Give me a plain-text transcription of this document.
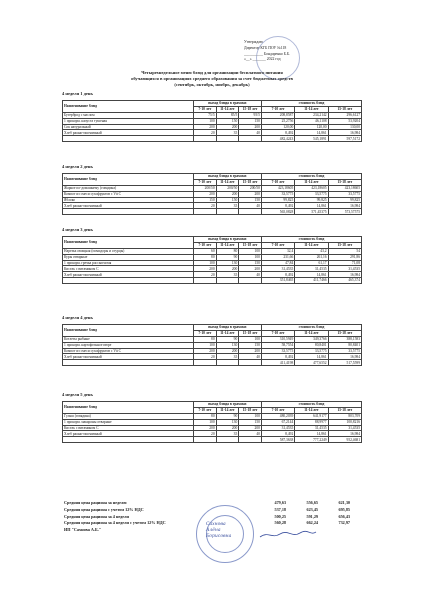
Утверждаю
Директор КГБ ПОУ №118
__________ Бондаренко Б.Б.
«__» _______ 2022 год
Четырехнедельное меню блюд для организации бесплатного питания
обучающихся в организациях среднего образования за счет бюджетных средств
(сентябрь, октябрь, ноябрь, декабрь)
4 неделя 1 день
Наименование блюд	выход блюда в граммах			стоимость блюд		
	7-10 лет	11-14 лет	15-18 лет	7-10 лет	11-14 лет	15-18 лет
Бутерброд с маслом	75/5	85/5	95/5	208,8587	234,2142	296,6127
1 прокорм. капуста тушеная	100	150	150	25,2756	46,1108	53,9204
Сок натуральный	200	200	200	120,00	120,00	130,00
Хлеб ржано-пшеничный	20	35	40	8,492	14,861	16,984
				482,4243	545,1891	597,5172
4 неделя 2 день
Наименование блюд	выход блюда в граммах			стоимость блюд		
	7-10 лет	11-14 лет	15-18 лет	7-10 лет	11-14 лет	15-18 лет
Жаркое по-домашнему (говядина)	200/50	200/50	200/50	423,18605	423,18605	423,18605
Компот из смеси сухофруктов с Vit C	200	200	200	33,5775	33,5775	33,5775
Яблоко	150	150	150	99,825	99,825	99,825
Хлеб ржано-пшеничный	20	35	40	8,492	14,861	16,984
				565,0828	571,45375	573,57575
4 неделя 3 день
Наименование блюд	выход блюда в граммах			стоимость блюд		
	7-10 лет	11-14 лет	15-18 лет	7-10 лет	11-14 лет	15-18 лет
Нарезка овощная (помидоры и огурцы)	60	80	100	32,4	43,2	54
Куры отварные	80	90	100	231,66	261,16	291,86
1 прокорм. гречка рассыпчатая	100	130	150	47,84	61,17	71,08
Кисель с витамином С	200	200	200	31,4535	31,4535	31,4535
Хлеб ржано-пшеничный	20	35	40	8,492	14,861	16,984
				351,8465	411,7466	465,374
4 неделя 4 день
Наименование блюд	выход блюда в граммах			стоимость блюд		
	7-10 лет	11-14 лет	15-18 лет	7-10 лет	11-14 лет	15-18 лет
Котлеты рыбные	80	90	100	310,5949	349,3766	388,1583
1 прокорм. картофельное пюре	100	130	150	58,7554	80,8401	80,8401
Компот из смеси сухофруктов с Vit C	200	200	200	33,5775	33,5775	33,5775
Хлеб ржано-пшеничный	20	35	40	8,492	14,861	16,984
				411,4198	477,6552	517,5599
4 неделя 5 день
Наименование блюд	выход блюда в граммах			стоимость блюд		
	7-10 лет	11-14 лет	15-18 лет	7-10 лет	11-14 лет	15-18 лет
Гуляш (говядина)	80	90	100	480,2039	641,9177	803,709
1 прокорм. макароны отварные	100	130	150	67,2144	88,9977	100,8216
Кисель с витамином С	200	200	200	31,4535	31,4535	31,4535
Хлеб ржано-пшеничный	20	35	40	8,492	14,861	16,984
				587,3638	777,2249	952,4681
Средняя цена рациона за неделю	479,63	556,65	621,30
Средняя цена рациона с учетом 12% НДС	537,18	623,45	695,85
Средняя цена рациона за 4 недели	500,25	591,29	656,43
Средняя цена рациона за 4 недели с учетом 12% НДС	560,28	662,24	732,97
ИП "Сахнова А.Б."			
Сахнова
Алёна
Борисовна
